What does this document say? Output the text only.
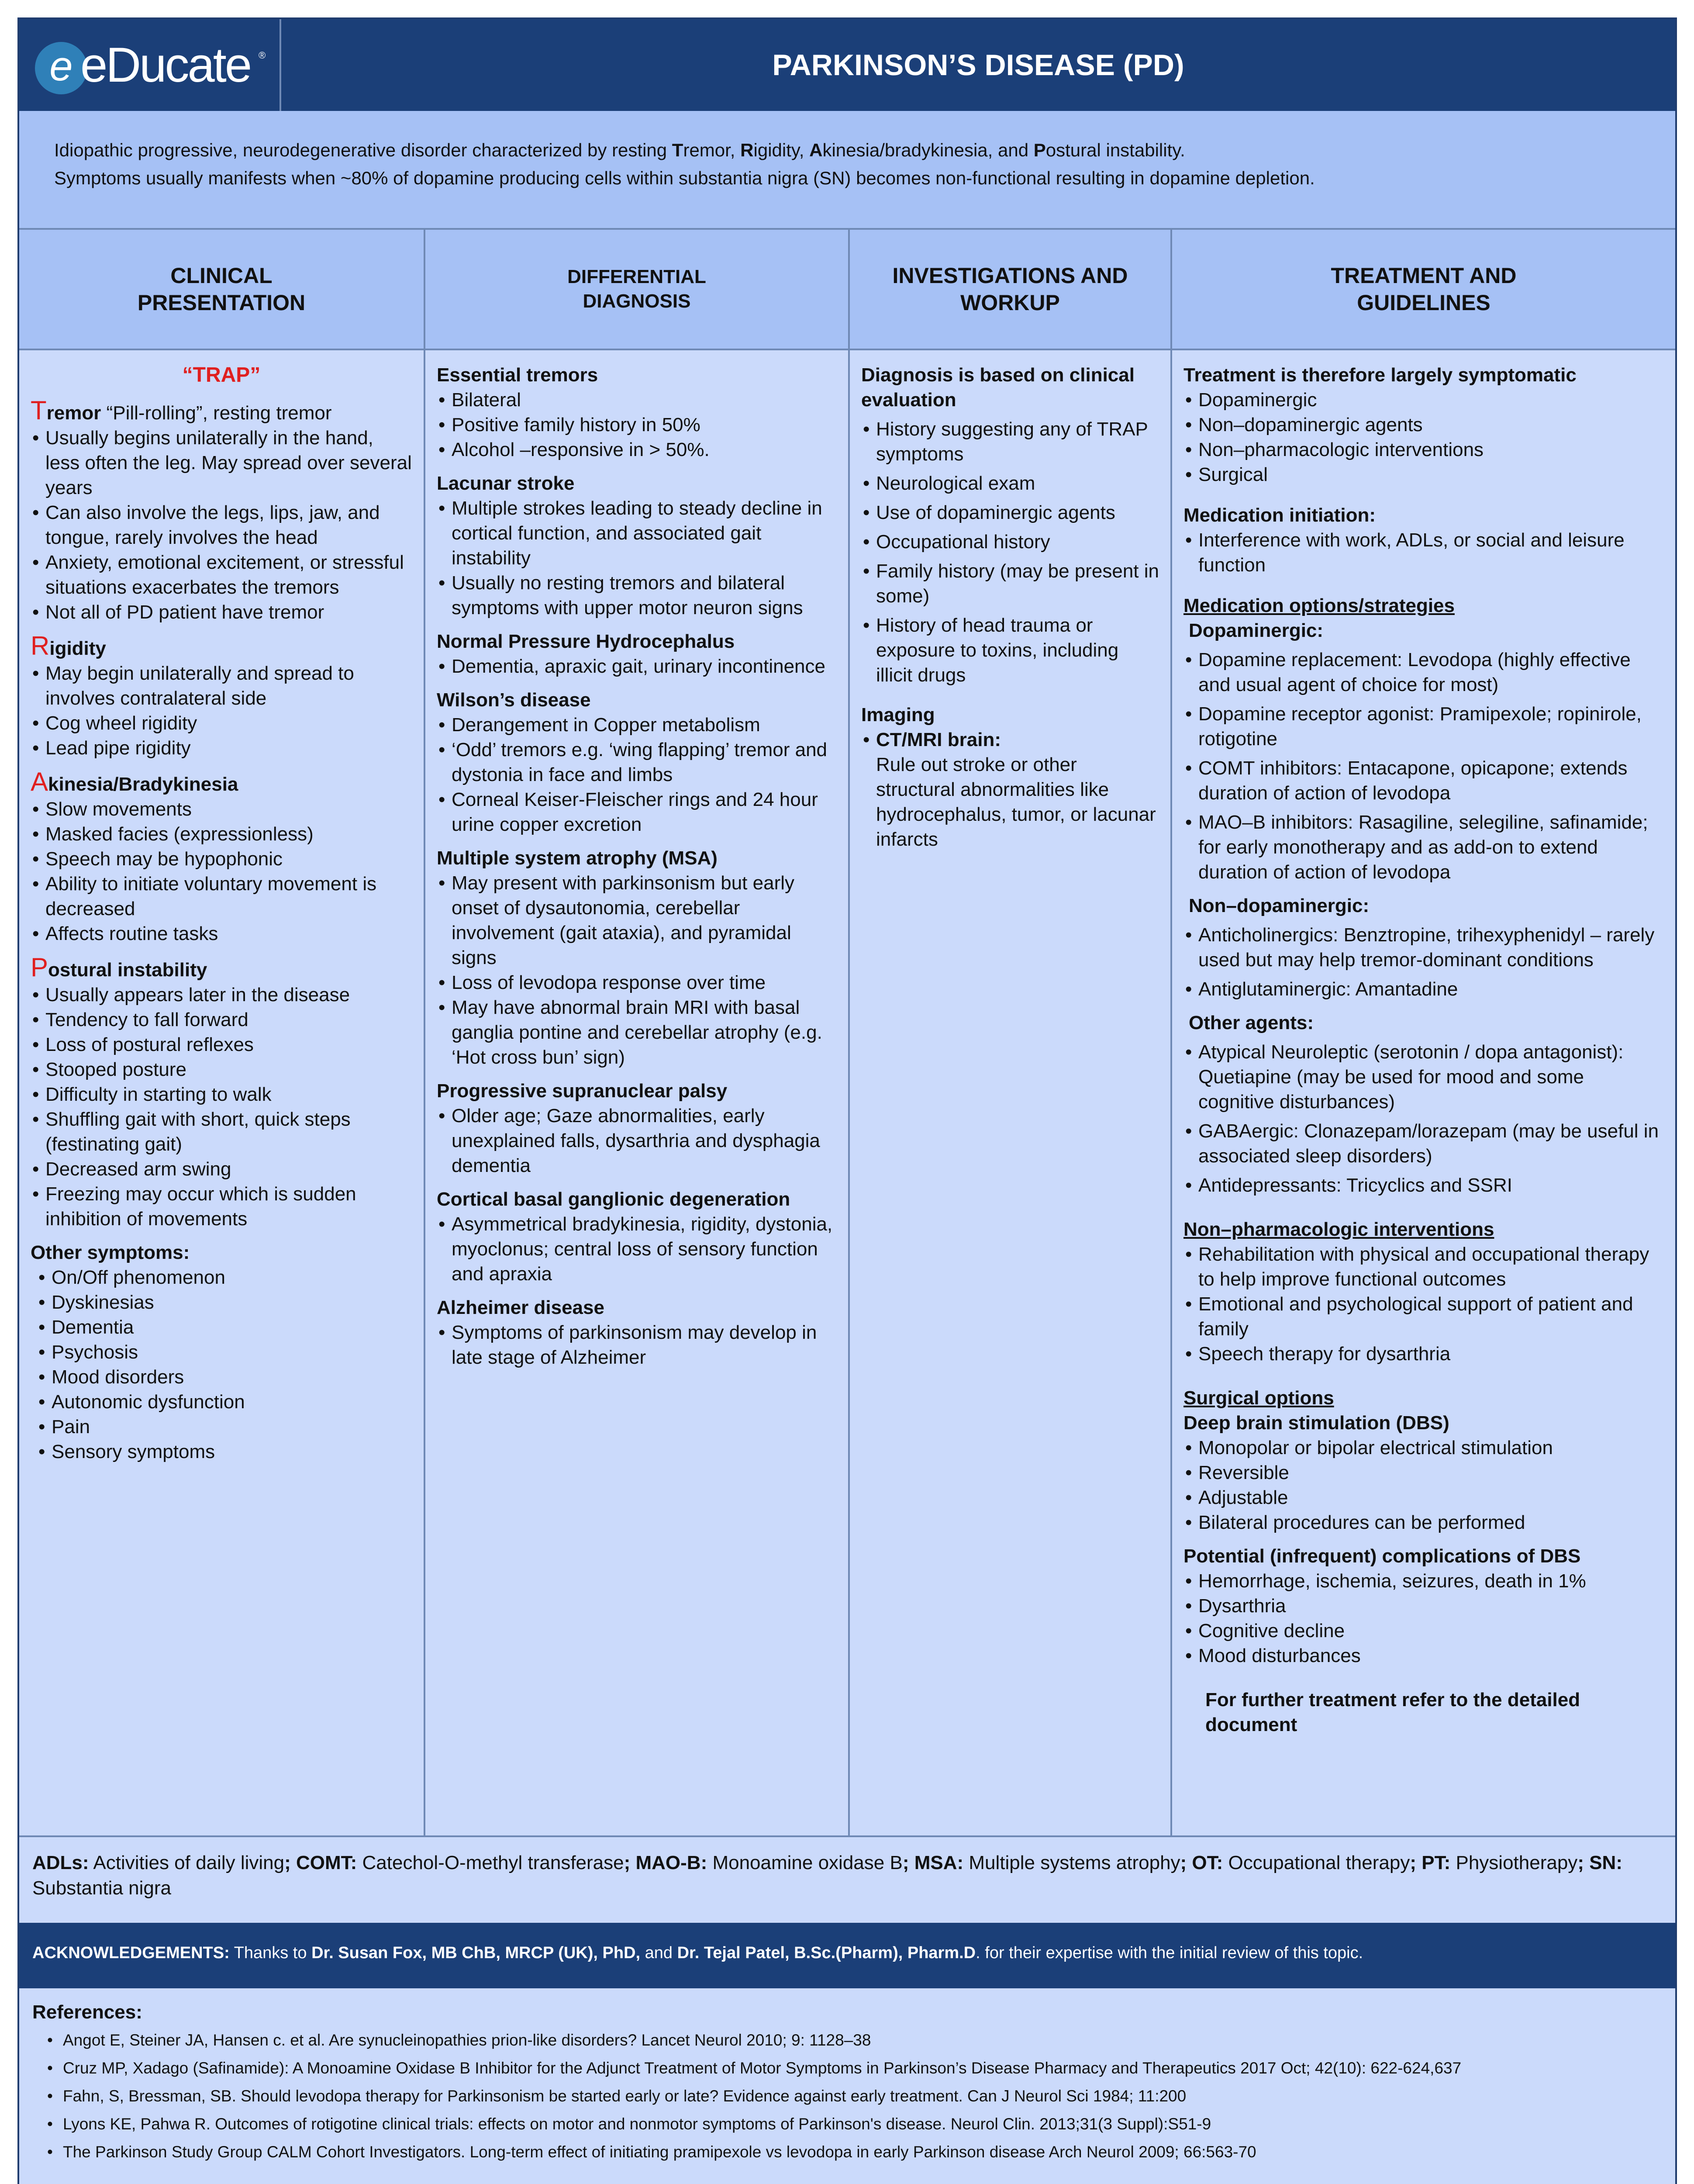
e eDucate ®	PARKINSON’S DISEASE (PD)
Idiopathic progressive, neurodegenerative disorder characterized by resting Tremor, Rigidity, Akinesia/bradykinesia, and Postural instability.
Symptoms usually manifests when ~80% of dopamine producing cells within substantia nigra (SN) becomes non-functional resulting in dopamine depletion.
CLINICAL
PRESENTATION
DIFFERENTIAL
DIAGNOSIS
INVESTIGATIONS AND
WORKUP
TREATMENT AND
GUIDELINES
“TRAP”
Tremor “Pill-rolling”, resting tremor
• Usually begins unilaterally in the hand, less often the leg. May spread over several years
• Can also involve the legs, lips, jaw, and tongue, rarely involves the head
• Anxiety, emotional excitement, or stressful situations exacerbates the tremors
• Not all of PD patient have tremor
Rigidity
• May begin unilaterally and spread to involves contralateral side
• Cog wheel rigidity
• Lead pipe rigidity
Akinesia/Bradykinesia
• Slow movements
• Masked facies (expressionless)
• Speech may be hypophonic
• Ability to initiate voluntary movement is decreased
• Affects routine tasks
Postural instability
• Usually appears later in the disease
• Tendency to fall forward
• Loss of postural reflexes
• Stooped posture
• Difficulty in starting to walk
• Shuffling gait with short, quick steps (festinating gait)
• Decreased arm swing
• Freezing may occur which is sudden inhibition of movements
Other symptoms:
• On/Off phenomenon
• Dyskinesias
• Dementia
• Psychosis
• Mood disorders
• Autonomic dysfunction
• Pain
• Sensory symptoms
Essential tremors
• Bilateral
• Positive family history in 50%
• Alcohol –responsive in > 50%.
Lacunar stroke
• Multiple strokes leading to steady decline in cortical function, and associated gait instability
• Usually no resting tremors and bilateral symptoms with upper motor neuron signs
Normal Pressure Hydrocephalus
• Dementia, apraxic gait, urinary incontinence
Wilson’s disease
• Derangement in Copper metabolism
• ‘Odd’ tremors e.g. ‘wing flapping’ tremor and dystonia in face and limbs
• Corneal Keiser-Fleischer rings and 24 hour urine copper excretion
Multiple system atrophy (MSA)
• May present with parkinsonism but early onset of dysautonomia, cerebellar involvement (gait ataxia), and pyramidal signs
• Loss of levodopa response over time
• May have abnormal brain MRI with basal ganglia pontine and cerebellar atrophy (e.g. ‘Hot cross bun’ sign)
Progressive supranuclear palsy
• Older age; Gaze abnormalities, early unexplained falls, dysarthria and dysphagia dementia
Cortical basal ganglionic degeneration
• Asymmetrical bradykinesia, rigidity, dystonia, myoclonus; central loss of sensory function and apraxia
Alzheimer disease
• Symptoms of parkinsonism may develop in late stage of Alzheimer
Diagnosis is based on clinical evaluation
• History suggesting any of TRAP symptoms
• Neurological exam
• Use of dopaminergic agents
• Occupational history
• Family history (may be present in some)
• History of head trauma or exposure to toxins, including illicit drugs
Imaging
• CT/MRI brain:
Rule out stroke or other structural abnormalities like hydrocephalus, tumor, or lacunar infarcts
Treatment is therefore largely symptomatic
• Dopaminergic
• Non–dopaminergic agents
• Non–pharmacologic interventions
• Surgical
Medication initiation:
• Interference with work, ADLs, or social and leisure function
Medication options/strategies
Dopaminergic:
• Dopamine replacement: Levodopa (highly effective and usual agent of choice for most)
• Dopamine receptor agonist: Pramipexole; ropinirole, rotigotine
• COMT inhibitors: Entacapone, opicapone; extends duration of action of levodopa
• MAO–B inhibitors: Rasagiline, selegiline, safinamide; for early monotherapy and as add-on to extend duration of action of levodopa
Non–dopaminergic:
• Anticholinergics: Benztropine, trihexyphenidyl – rarely used but may help tremor-dominant conditions
• Antiglutaminergic: Amantadine
Other agents:
• Atypical Neuroleptic (serotonin / dopa antagonist): Quetiapine (may be used for mood and some cognitive disturbances)
• GABAergic: Clonazepam/lorazepam (may be useful in associated sleep disorders)
• Antidepressants: Tricyclics and SSRI
Non–pharmacologic interventions
• Rehabilitation with physical and occupational therapy to help improve functional outcomes
• Emotional and psychological support of patient and family
• Speech therapy for dysarthria
Surgical options
Deep brain stimulation (DBS)
• Monopolar or bipolar electrical stimulation
• Reversible
• Adjustable
• Bilateral procedures can be performed
Potential (infrequent) complications of DBS
• Hemorrhage, ischemia, seizures, death in 1%
• Dysarthria
• Cognitive decline
• Mood disturbances
For further treatment refer to the detailed document
ADLs: Activities of daily living; COMT: Catechol-O-methyl transferase; MAO-B: Monoamine oxidase B; MSA: Multiple systems atrophy; OT: Occupational therapy; PT: Physiotherapy; SN: Substantia nigra
ACKNOWLEDGEMENTS: Thanks to Dr. Susan Fox, MB ChB, MRCP (UK), PhD, and Dr. Tejal Patel, B.Sc.(Pharm), Pharm.D. for their expertise with the initial review of this topic.
References:
• Angot E, Steiner JA, Hansen c. et al. Are synucleinopathies prion-like disorders? Lancet Neurol 2010; 9: 1128–38
• Cruz MP, Xadago (Safinamide): A Monoamine Oxidase B Inhibitor for the Adjunct Treatment of Motor Symptoms in Parkinson’s Disease Pharmacy and Therapeutics 2017 Oct; 42(10): 622-624,637
• Fahn, S, Bressman, SB. Should levodopa therapy for Parkinsonism be started early or late? Evidence against early treatment. Can J Neurol Sci 1984; 11:200
• Lyons KE, Pahwa R. Outcomes of rotigotine clinical trials: effects on motor and nonmotor symptoms of Parkinson's disease. Neurol Clin. 2013;31(3 Suppl):S51-9
• The Parkinson Study Group CALM Cohort Investigators. Long-term effect of initiating pramipexole vs levodopa in early Parkinson disease Arch Neurol 2009; 66:563-70
